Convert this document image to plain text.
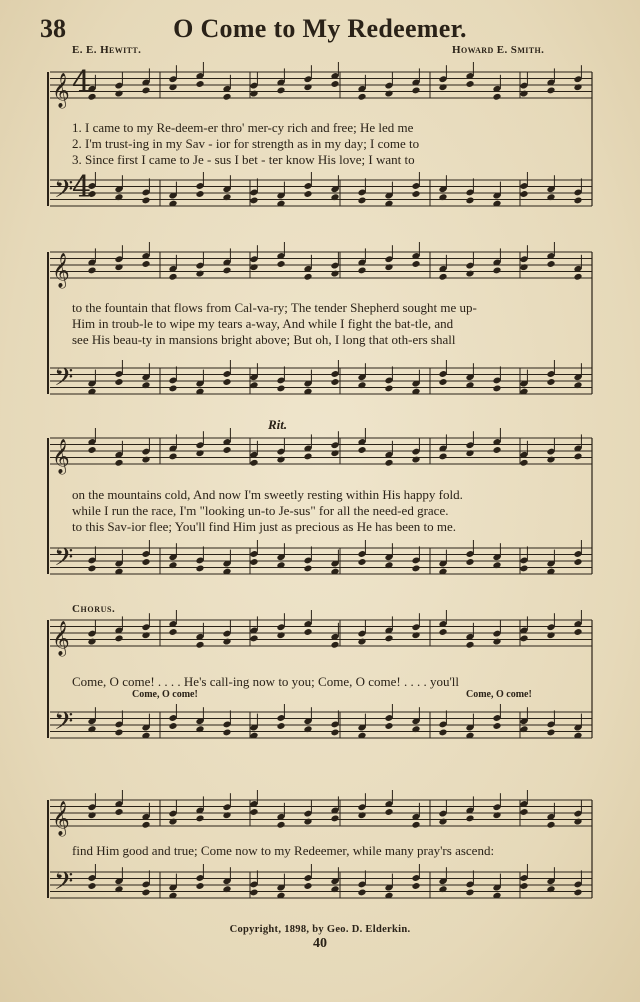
38	O Come to My Redeemer.
E. E. Hewitt.	Howard E. Smith.
𝄞
𝄢
𝄞
𝄢
𝄞
𝄢
𝄞
𝄢
𝄞
𝄢
4
4
1. I came to my Re-deem-er thro' mer-cy rich and free; He led me
2. I'm trust-ing in my Sav - ior for strength as in my day; I come to
3. Since first I came to Je - sus I bet - ter know His love; I want to
to the fountain that flows from Cal-va-ry; The tender Shepherd sought me up-
Him in troub-le to wipe my tears a-way, And while I fight the bat-tle, and
see His beau-ty in mansions bright above; But oh, I long that oth-ers shall
Rit.
on the mountains cold, And now I'm sweetly resting within His happy fold.
while I run the race, I'm "looking un-to Je-sus" for all the need-ed grace.
to this Sav-ior flee; You'll find Him just as precious as He has been to me.
Chorus.
Come, O come! . . . . He's call-ing now to you; Come, O come! . . . . you'll
Come, O come!	Come, O come!
find Him good and true; Come now to my Redeemer, while many pray'rs ascend:
Copyright, 1898, by Geo. D. Elderkin.
40
